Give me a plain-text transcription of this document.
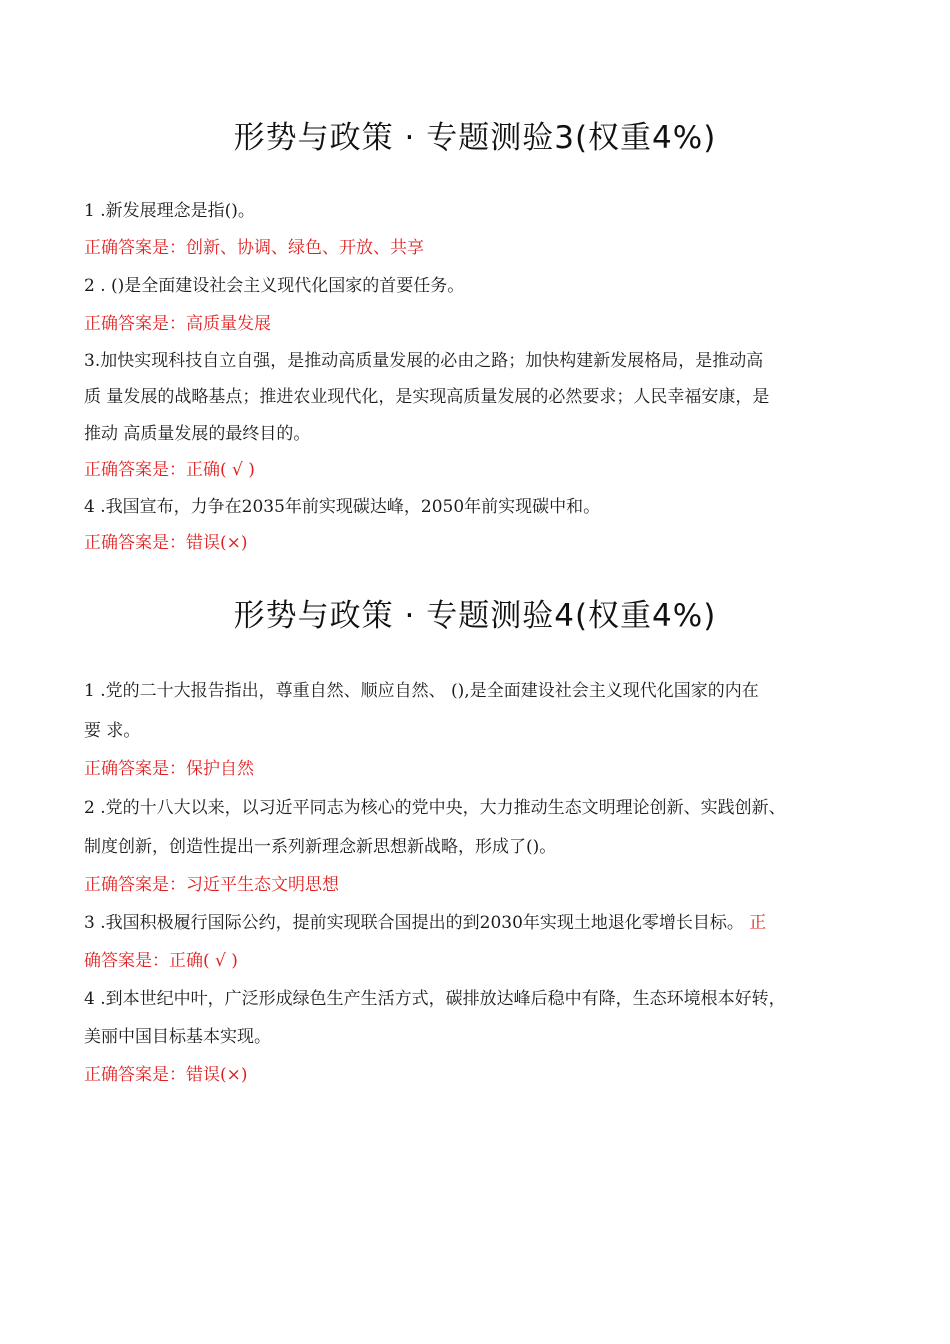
形势与政策 · 专题测验3(权重4%)
1 .新发展理念是指()。
正确答案是：创新、协调、绿色、开放、共享
2 . ()是全面建设社会主义现代化国家的首要任务。
正确答案是：高质量发展
3.加快实现科技自立自强，是推动高质量发展的必由之路；加快构建新发展格局，是推动高
质 量发展的战略基点；推进农业现代化，是实现高质量发展的必然要求；人民幸福安康，是
推动 高质量发展的最终目的。
正确答案是：正确( √ )
4 .我国宣布，力争在2035年前实现碳达峰，2050年前实现碳中和。
正确答案是：错误(×)
形势与政策 · 专题测验4(权重4%)
1 .党的二十大报告指出，尊重自然、顺应自然、 (),是全面建设社会主义现代化国家的内在
要 求。
正确答案是：保护自然
2 .党的十八大以来，以习近平同志为核心的党中央，大力推动生态文明理论创新、实践创新、
制度创新，创造性提出一系列新理念新思想新战略，形成了()。
正确答案是：习近平生态文明思想
3 .我国积极履行国际公约，提前实现联合国提出的到2030年实现土地退化零增长目标。 正
确答案是：正确( √ )
4 .到本世纪中叶，广泛形成绿色生产生活方式，碳排放达峰后稳中有降，生态环境根本好转，
美丽中国目标基本实现。
正确答案是：错误(×)
